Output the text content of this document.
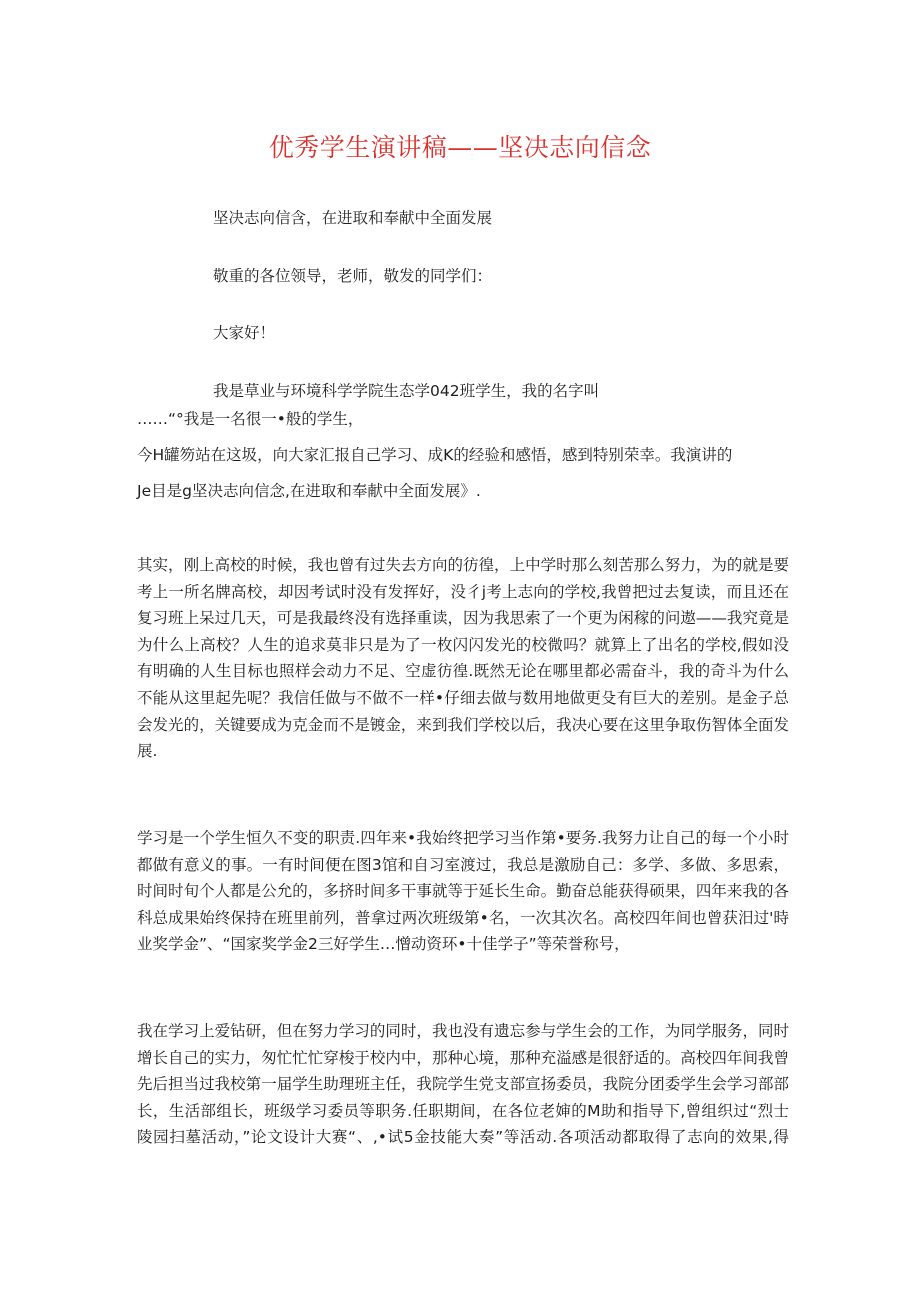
优秀学生演讲稿——坚决志向信念

坚决志向信含，在进取和奉献中全面发展

敬重的各位领导，老师，敬发的同学们：

大家好！

我是草业与环境科学学院生态学042班学生，我的名字叫

……“°我是一名很一•般的学生，

今H罐笏站在这圾，向大家汇报自己学习、成K的经验和感悟，感到特别荣幸。我演讲的

Je目是g坚决志向信念,在进取和奉献中全面发展》.

其实，刚上高校的时候，我也曾有过失去方向的彷徨，上中学时那么刻苦那么努力，为的就是要
考上一所名牌高校，却因考试时没有发挥好，没彳j考上志向的学校,我曾把过去复读，而且还在
复习班上呆过几天，可是我最终没有选择重读，因为我思索了一个更为闲稼的问遨——我究竟是
为什么上高校？人生的追求莫非只是为了一枚闪闪发光的校微吗？就算上了出名的学校,假如没
有明确的人生目标也照样会动力不足、空虚彷徨.既然无论在哪里都必需奋斗，我的奇斗为什么
不能从这里起先呢？我信任做与不做不一样•仔细去做与数用地做更殳有巨大的差别。是金子总
会发光的，关键要成为克金而不是镀金，来到我们学校以后，我决心要在这里争取伤智体全面发
展.
学习是一个学生恒久不变的职责.四年来•我始终把学习当作第•要务.我努力让自己的每一个小时
都做有意义的事。一有时间便在图3馆和自习室渡过，我总是激励自己：多学、多做、多思索，
时间时旬个人都是公允的，多挤时间多干事就等于延长生命。勤奋总能获得硕果，四年来我的各
科总成果始终保持在班里前列，普拿过两次班级第•名，一次其次名。高校四年间也曾获汨过'時
业奖学金”、“国家奖学金2三好学生…憎动资环•十佳学子”等荣誉称号，
我在学习上爱钻研，但在努力学习的同时，我也没有遗忘参与学生会的工作，为同学服务，同时
增长自己的实力，匆忙忙忙穿梭于校内中，那种心境，那种充溢感是很舒适的。高校四年间我曾
先后担当过我校第一届学生助理班主任，我院学生党支部宣扬委员，我院分团委学生会学习部部
长，生活部组长，班级学习委员等职务.任职期间，在各位老婶的M助和指导下,曾组织过“烈士
陵园扫墓活动，”论文设计大赛“、,•试5金技能大奏”等活动.各项活动都取得了志向的效果,得
